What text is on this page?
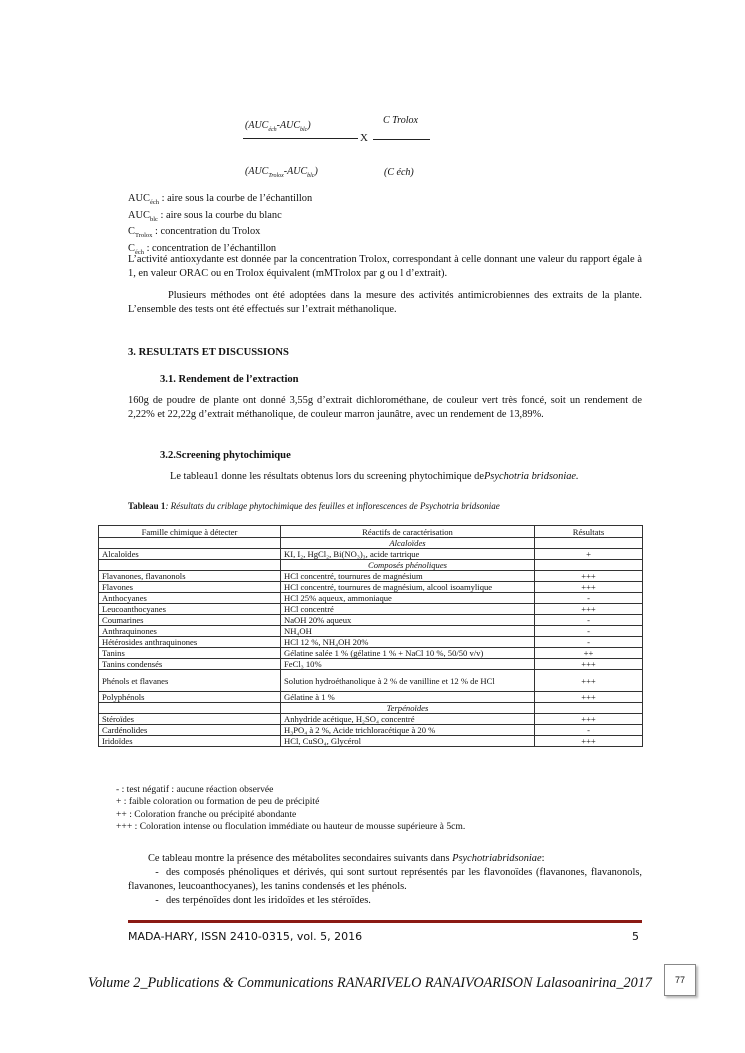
$(AUC_{éch}-AUC_{blc})$
X
C Trolox
$(AUC_{Trolox}-AUC_{blc})$	(C éch)
$AUC_{éch}$ : aire sous la courbe de l’échantillon
$AUC_{blc}$ : aire sous la courbe du blanc
$C_{Trolox}$ : concentration du Trolox
$C_{éch}$ : concentration de l’échantillon
L’activité antioxydante est donnée par la concentration Trolox, correspondant à celle donnant une valeur du rapport égale à 1, en valeur ORAC ou en Trolox équivalent (mMTrolox par g ou l d’extrait).
Plusieurs méthodes ont été adoptées dans la mesure des activités antimicrobiennes des extraits de la plante. L’ensemble des tests ont été effectués sur l’extrait méthanolique.
3. RESULTATS ET DISCUSSIONS
3.1. Rendement de l’extraction
160g de poudre de plante ont donné 3,55g d’extrait dichlorométhane, de couleur vert très foncé, soit un rendement de 2,22% et 22,22g d’extrait méthanolique, de couleur marron jaunâtre, avec un rendement de 13,89%.
3.2.Screening phytochimique
Le tableau1 donne les résultats obtenus lors du screening phytochimique dePsychotria bridsoniae.
Tableau 1: Résultats du criblage phytochimique des feuilles et inflorescences de Psychotria bridsoniae
Famille chimique à détecter	Réactifs de caractérisation	Résultats
	Alcaloïdes	
Alcaloïdes	KI, I₂, HgCl₂, Bi(NO₃)₃, acide tartrique	+
	Composés phénoliques	
Flavanones, flavanonols	HCl concentré, tournures de magnésium	+++
Flavones	HCl concentré, tournures de magnésium, alcool isoamylique	+++
Anthocyanes	HCl 25% aqueux, ammoniaque	-
Leucoanthocyanes	HCl concentré	+++
Coumarines	NaOH 20% aqueux	-
Anthraquinones	NH₄OH	-
Hétérosides anthraquinones	HCl 12 %, NH₄OH 20%	-
Tanins	Gélatine salée 1 % (gélatine 1 % + NaCl 10 %, 50/50 v/v)	++
Tanins condensés	FeCl₃ 10%	+++
Phénols et flavanes	Solution hydroéthanolique à 2 % de vanilline et 12 % de HCl	+++
Polyphénols	Gélatine à 1 %	+++
	Terpénoïdes	
Stéroïdes	Anhydride acétique, H₂SO₄ concentré	+++
Cardénolides	H₃PO₄ à 2 %, Acide trichloracétique à 20 %	-
Iridoïdes	HCl, CuSO₄, Glycérol	+++
- : test négatif : aucune réaction observée
+ : faible coloration ou formation de peu de précipité
++ : Coloration franche ou précipité abondante
+++ : Coloration intense ou floculation immédiate ou hauteur de mousse supérieure à 5cm.
Ce tableau montre la présence des métabolites secondaires suivants dans Psychotriabridsoniae:
- des composés phénoliques et dérivés, qui sont surtout représentés par les flavonoïdes (flavanones, flavanonols, flavanones, leucoanthocyanes), les tanins condensés et les phénols.
- des terpénoïdes dont les iridoïdes et les stéroïdes.
MADA-HARY, ISSN 2410-0315, vol. 5, 2016	5
Volume 2_Publications & Communications RANARIVELO RANAIVOARISON Lalasoanirina_2017	77
